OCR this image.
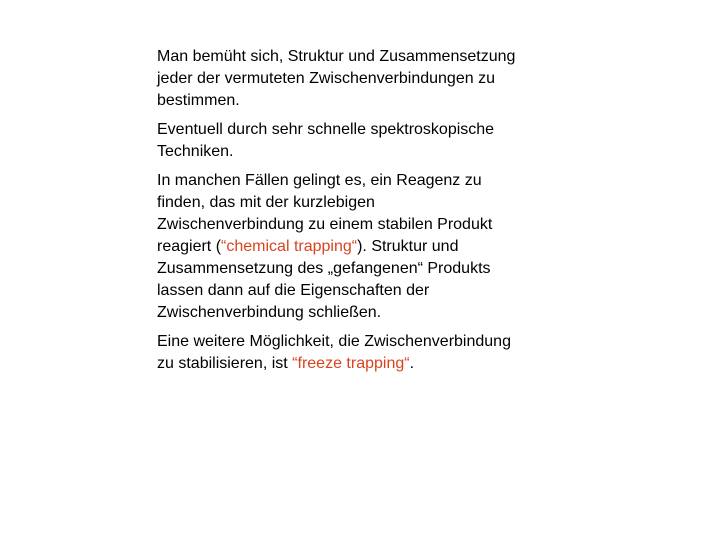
Man bemüht sich, Struktur und Zusammensetzung jeder der vermuteten Zwischenverbindungen zu bestimmen.

Eventuell durch sehr schnelle spektroskopische Techniken.

In manchen Fällen gelingt es, ein Reagenz zu finden, das mit der kurzlebigen Zwischenverbindung zu einem stabilen Produkt reagiert (“chemical trapping“). Struktur und Zusammensetzung des „gefangenen“ Produkts lassen dann auf die Eigenschaften der Zwischenverbindung schließen.

Eine weitere Möglichkeit, die Zwischenverbindung zu stabilisieren, ist “freeze trapping“.
